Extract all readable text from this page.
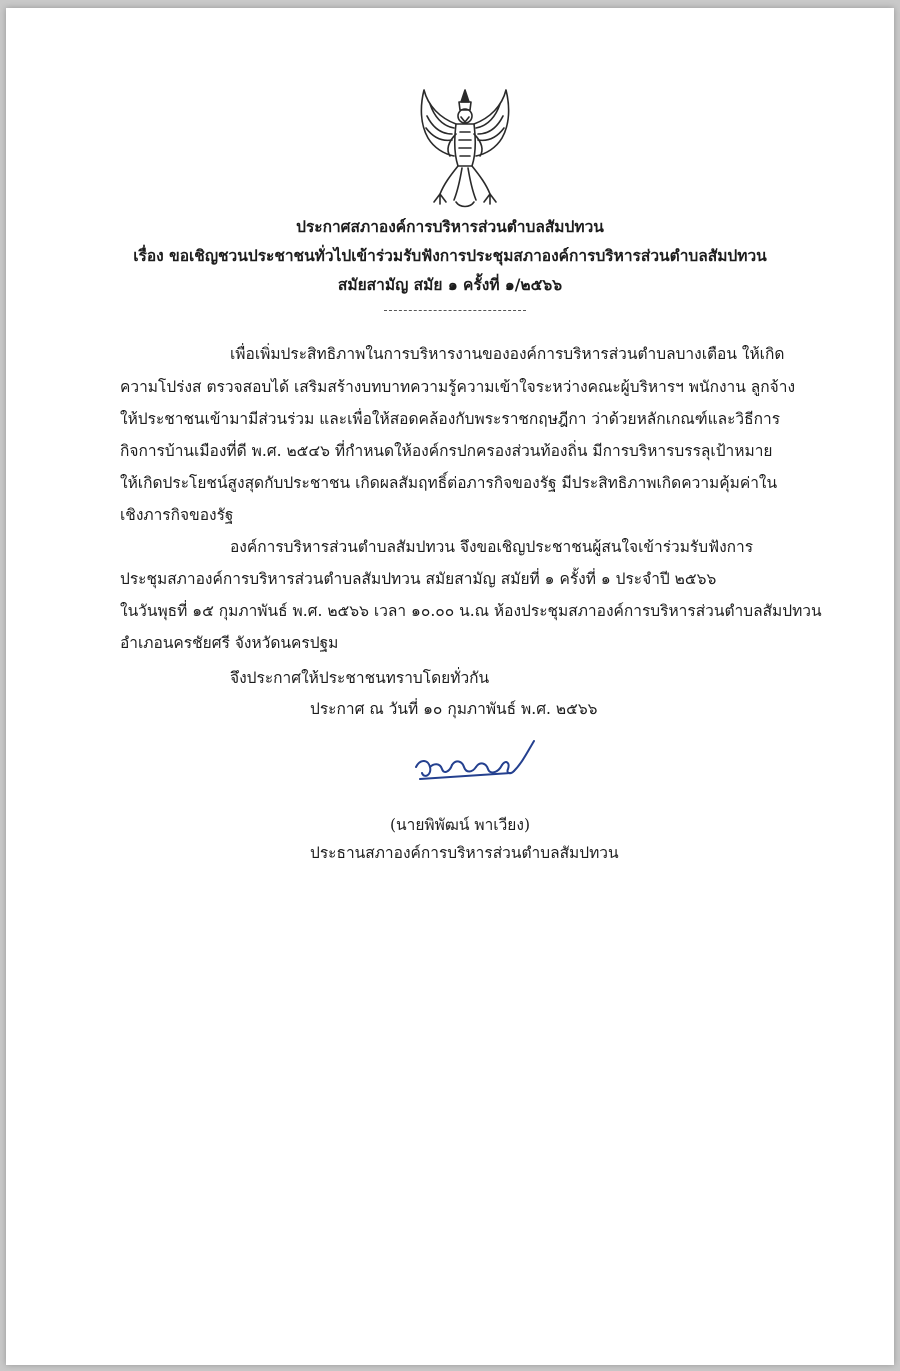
ประกาศสภาองค์การบริหารส่วนตำบลสัมปทวน
เรื่อง ขอเชิญชวนประชาชนทั่วไปเข้าร่วมรับฟังการประชุมสภาองค์การบริหารส่วนตำบลสัมปทวน
สมัยสามัญ สมัย ๑ ครั้งที่ ๑/๒๕๖๖
เพื่อเพิ่มประสิทธิภาพในการบริหารงานขององค์การบริหารส่วนตำบลบางเตือน ให้เกิด
ความโปร่งส ตรวจสอบได้ เสริมสร้างบทบาทความรู้ความเข้าใจระหว่างคณะผู้บริหารฯ พนักงาน ลูกจ้าง
ให้ประชาชนเข้ามามีส่วนร่วม และเพื่อให้สอดคล้องกับพระราชกฤษฎีกา ว่าด้วยหลักเกณฑ์และวิธีการ
กิจการบ้านเมืองที่ดี พ.ศ. ๒๕๔๖ ที่กำหนดให้องค์กรปกครองส่วนท้องถิ่น มีการบริหารบรรลุเป้าหมาย
ให้เกิดประโยชน์สูงสุดกับประชาชน เกิดผลสัมฤทธิ์ต่อภารกิจของรัฐ มีประสิทธิภาพเกิดความคุ้มค่าใน
เชิงภารกิจของรัฐ
องค์การบริหารส่วนตำบลสัมปทวน จึงขอเชิญประชาชนผู้สนใจเข้าร่วมรับฟังการ
ประชุมสภาองค์การบริหารส่วนตำบลสัมปทวน สมัยสามัญ สมัยที่ ๑ ครั้งที่ ๑ ประจำปี ๒๕๖๖
ในวันพุธที่ ๑๕ กุมภาพันธ์ พ.ศ. ๒๕๖๖ เวลา ๑๐.๐๐ น.ณ ห้องประชุมสภาองค์การบริหารส่วนตำบลสัมปทวน
อำเภอนครชัยศรี จังหวัดนครปฐม
จึงประกาศให้ประชาชนทราบโดยทั่วกัน
ประกาศ ณ วันที่ ๑๐ กุมภาพันธ์ พ.ศ. ๒๕๖๖
(นายพิพัฒน์ พาเวียง)
ประธานสภาองค์การบริหารส่วนตำบลสัมปทวน
